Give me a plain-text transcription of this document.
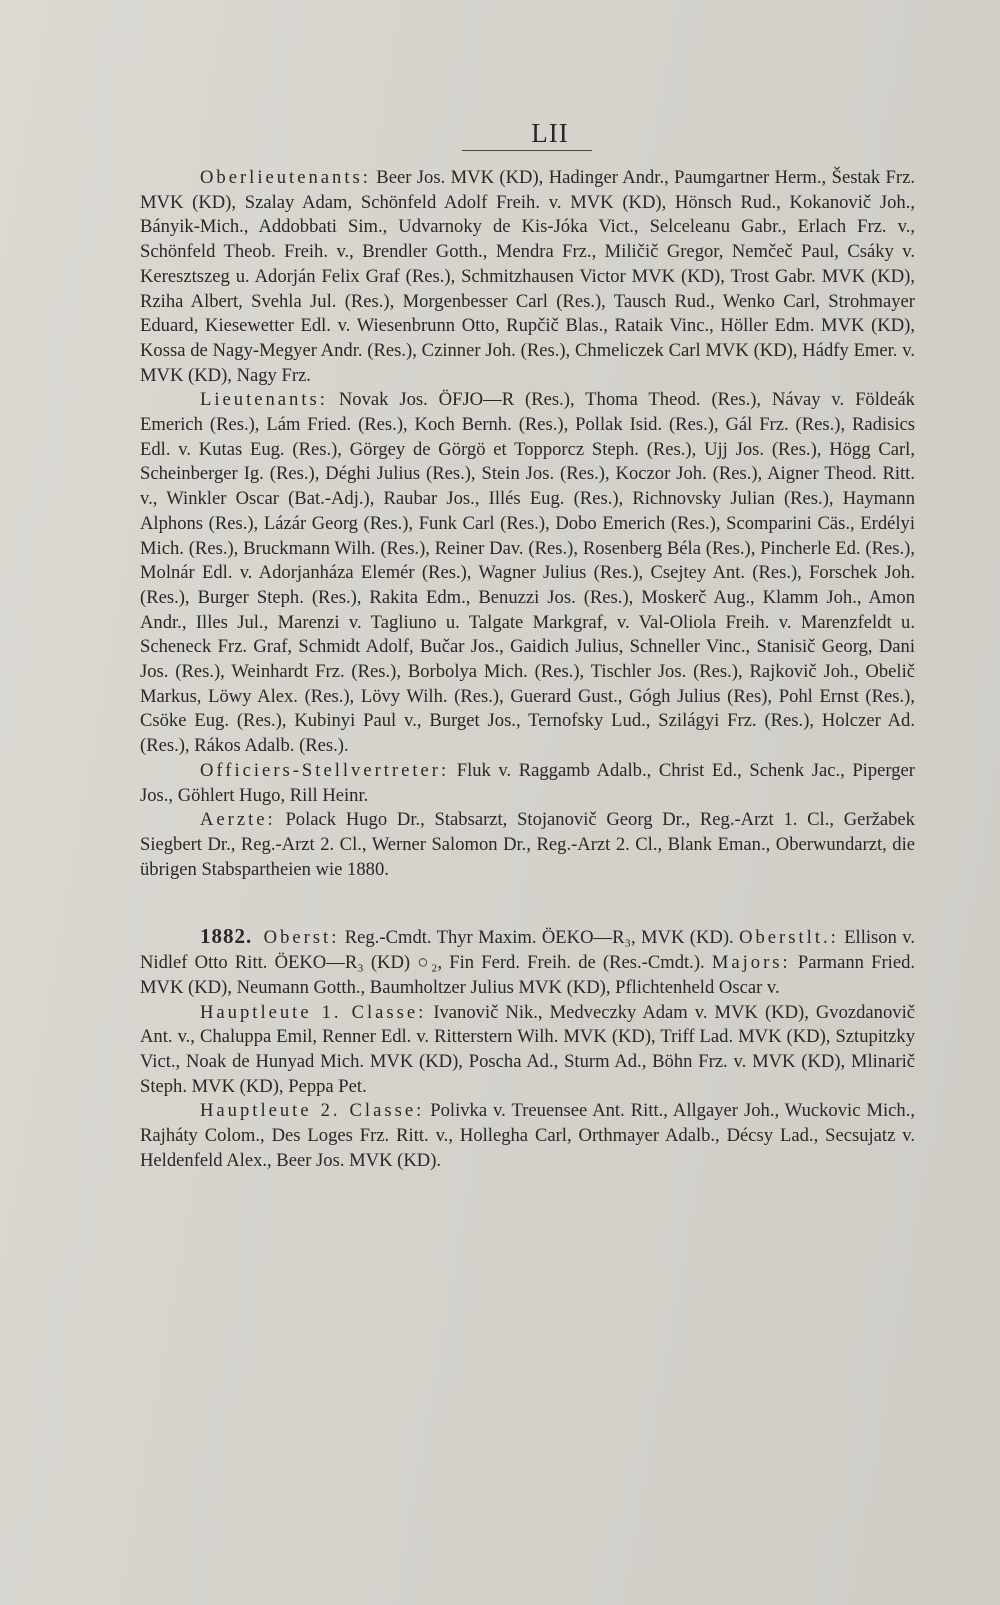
LII

Oberlieutenants: Beer Jos. MVK (KD), Hadinger Andr., Paumgartner Herm., Šestak Frz. MVK (KD), Szalay Adam, Schönfeld Adolf Freih. v. MVK (KD), Hönsch Rud., Kokanovič Joh., Bányik-Mich., Addobbati Sim., Udvarnoky de Kis-Jóka Vict., Selceleanu Gabr., Erlach Frz. v., Schönfeld Theob. Freih. v., Brendler Gotth., Mendra Frz., Miličič Gregor, Nemčeč Paul, Csáky v. Keresztszeg u. Adorján Felix Graf (Res.), Schmitzhausen Victor MVK (KD), Trost Gabr. MVK (KD), Rziha Albert, Svehla Jul. (Res.), Morgenbesser Carl (Res.), Tausch Rud., Wenko Carl, Strohmayer Eduard, Kiesewetter Edl. v. Wiesenbrunn Otto, Rupčič Blas., Rataik Vinc., Höller Edm. MVK (KD), Kossa de Nagy-Megyer Andr. (Res.), Czinner Joh. (Res.), Chmeliczek Carl MVK (KD), Hádfy Emer. v. MVK (KD), Nagy Frz.

Lieutenants: Novak Jos. ÖFJO—R (Res.), Thoma Theod. (Res.), Návay v. Földeák Emerich (Res.), Lám Fried. (Res.), Koch Bernh. (Res.), Pollak Isid. (Res.), Gál Frz. (Res.), Radisics Edl. v. Kutas Eug. (Res.), Görgey de Görgö et Topporcz Steph. (Res.), Ujj Jos. (Res.), Högg Carl, Scheinberger Ig. (Res.), Déghi Julius (Res.), Stein Jos. (Res.), Koczor Joh. (Res.), Aigner Theod. Ritt. v., Winkler Oscar (Bat.-Adj.), Raubar Jos., Illés Eug. (Res.), Richnovsky Julian (Res.), Haymann Alphons (Res.), Lázár Georg (Res.), Funk Carl (Res.), Dobo Emerich (Res.), Scomparini Cäs., Erdélyi Mich. (Res.), Bruckmann Wilh. (Res.), Reiner Dav. (Res.), Rosenberg Béla (Res.), Pincherle Ed. (Res.), Molnár Edl. v. Adorjanháza Elemér (Res.), Wagner Julius (Res.), Csejtey Ant. (Res.), Forschek Joh. (Res.), Burger Steph. (Res.), Rakita Edm., Benuzzi Jos. (Res.), Moskerč Aug., Klamm Joh., Amon Andr., Illes Jul., Marenzi v. Tagliuno u. Talgate Markgraf, v. Val-Oliola Freih. v. Marenzfeldt u. Scheneck Frz. Graf, Schmidt Adolf, Bučar Jos., Gaidich Julius, Schneller Vinc., Stanisič Georg, Dani Jos. (Res.), Weinhardt Frz. (Res.), Borbolya Mich. (Res.), Tischler Jos. (Res.), Rajkovič Joh., Obelič Markus, Löwy Alex. (Res.), Lövy Wilh. (Res.), Guerard Gust., Gógh Julius (Res), Pohl Ernst (Res.), Csöke Eug. (Res.), Kubinyi Paul v., Burget Jos., Ternofsky Lud., Szilágyi Frz. (Res.), Holczer Ad. (Res.), Rákos Adalb. (Res.).

Officiers-Stellvertreter: Fluk v. Raggamb Adalb., Christ Ed., Schenk Jac., Piperger Jos., Göhlert Hugo, Rill Heinr.

Aerzte: Polack Hugo Dr., Stabsarzt, Stojanovič Georg Dr., Reg.-Arzt 1. Cl., Geržabek Siegbert Dr., Reg.-Arzt 2. Cl., Werner Salomon Dr., Reg.-Arzt 2. Cl., Blank Eman., Oberwundarzt, die übrigen Stabspartheien wie 1880.

1882. Oberst: Reg.-Cmdt. Thyr Maxim. ÖEKO—R₃, MVK (KD). Oberstlt.: Ellison v. Nidlef Otto Ritt. ÖEKO—R₃ (KD) ○₂, Fin Ferd. Freih. de (Res.-Cmdt.). Majors: Parmann Fried. MVK (KD), Neumann Gotth., Baumholtzer Julius MVK (KD), Pflichtenheld Oscar v.

Hauptleute 1. Classe: Ivanovič Nik., Medveczky Adam v. MVK (KD), Gvozdanovič Ant. v., Chaluppa Emil, Renner Edl. v. Ritterstern Wilh. MVK (KD), Triff Lad. MVK (KD), Sztupitzky Vict., Noak de Hunyad Mich. MVK (KD), Poscha Ad., Sturm Ad., Böhn Frz. v. MVK (KD), Mlinarič Steph. MVK (KD), Peppa Pet.

Hauptleute 2. Classe: Polivka v. Treuensee Ant. Ritt., Allgayer Joh., Wuckovic Mich., Rajháty Colom., Des Loges Frz. Ritt. v., Hollegha Carl, Orthmayer Adalb., Décsy Lad., Secsujatz v. Heldenfeld Alex., Beer Jos. MVK (KD).
